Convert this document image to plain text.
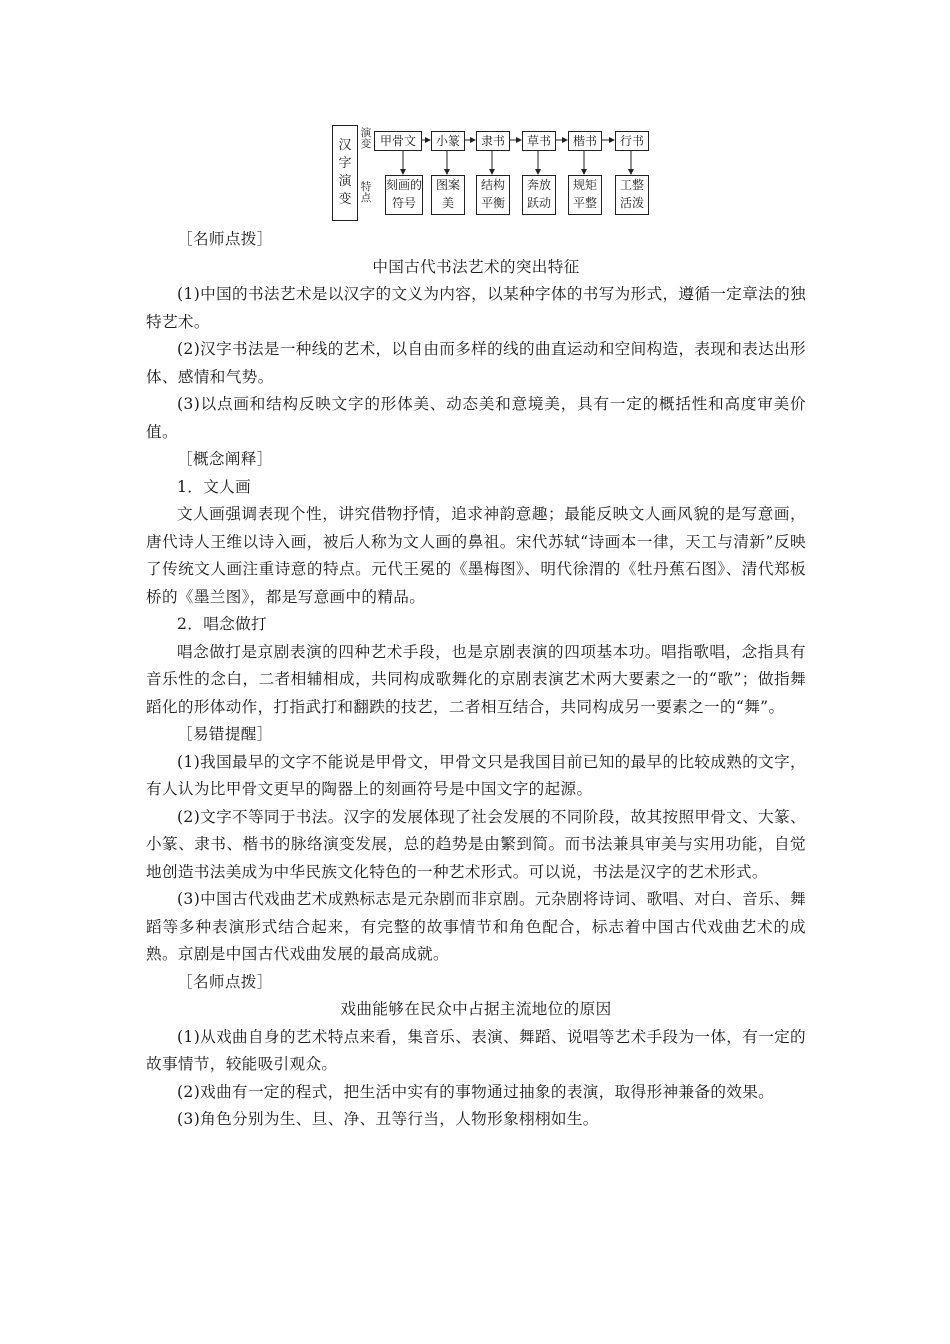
汉
字
演
变
演
变
特
点
甲骨文	小篆	隶书	草书	楷书	行书
刻画的
符号
图案
美
结构
平衡
奔放
跃动
规矩
平整
工整
活泼

［名师点拨］

中国古代书法艺术的突出特征

(1)中国的书法艺术是以汉字的文义为内容，以某种字体的书写为形式，遵循一定章法的独特艺术。

(2)汉字书法是一种线的艺术，以自由而多样的线的曲直运动和空间构造，表现和表达出形体、感情和气势。

(3)以点画和结构反映文字的形体美、动态美和意境美，具有一定的概括性和高度审美价值。

［概念阐释］

1．文人画

文人画强调表现个性，讲究借物抒情，追求神韵意趣；最能反映文人画风貌的是写意画，唐代诗人王维以诗入画，被后人称为文人画的鼻祖。宋代苏轼“诗画本一律，天工与清新”反映了传统文人画注重诗意的特点。元代王冕的《墨梅图》、明代徐渭的《牡丹蕉石图》、清代郑板桥的《墨兰图》，都是写意画中的精品。

2．唱念做打

唱念做打是京剧表演的四种艺术手段，也是京剧表演的四项基本功。唱指歌唱，念指具有音乐性的念白，二者相辅相成，共同构成歌舞化的京剧表演艺术两大要素之一的“歌”；做指舞蹈化的形体动作，打指武打和翻跌的技艺，二者相互结合，共同构成另一要素之一的“舞”。

［易错提醒］

(1)我国最早的文字不能说是甲骨文，甲骨文只是我国目前已知的最早的比较成熟的文字，有人认为比甲骨文更早的陶器上的刻画符号是中国文字的起源。

(2)文字不等同于书法。汉字的发展体现了社会发展的不同阶段，故其按照甲骨文、大篆、小篆、隶书、楷书的脉络演变发展，总的趋势是由繁到简。而书法兼具审美与实用功能，自觉地创造书法美成为中华民族文化特色的一种艺术形式。可以说，书法是汉字的艺术形式。

(3)中国古代戏曲艺术成熟标志是元杂剧而非京剧。元杂剧将诗词、歌唱、对白、音乐、舞蹈等多种表演形式结合起来，有完整的故事情节和角色配合，标志着中国古代戏曲艺术的成熟。京剧是中国古代戏曲发展的最高成就。

［名师点拨］

戏曲能够在民众中占据主流地位的原因

(1)从戏曲自身的艺术特点来看，集音乐、表演、舞蹈、说唱等艺术手段为一体，有一定的故事情节，较能吸引观众。

(2)戏曲有一定的程式，把生活中实有的事物通过抽象的表演，取得形神兼备的效果。

(3)角色分别为生、旦、净、丑等行当，人物形象栩栩如生。
